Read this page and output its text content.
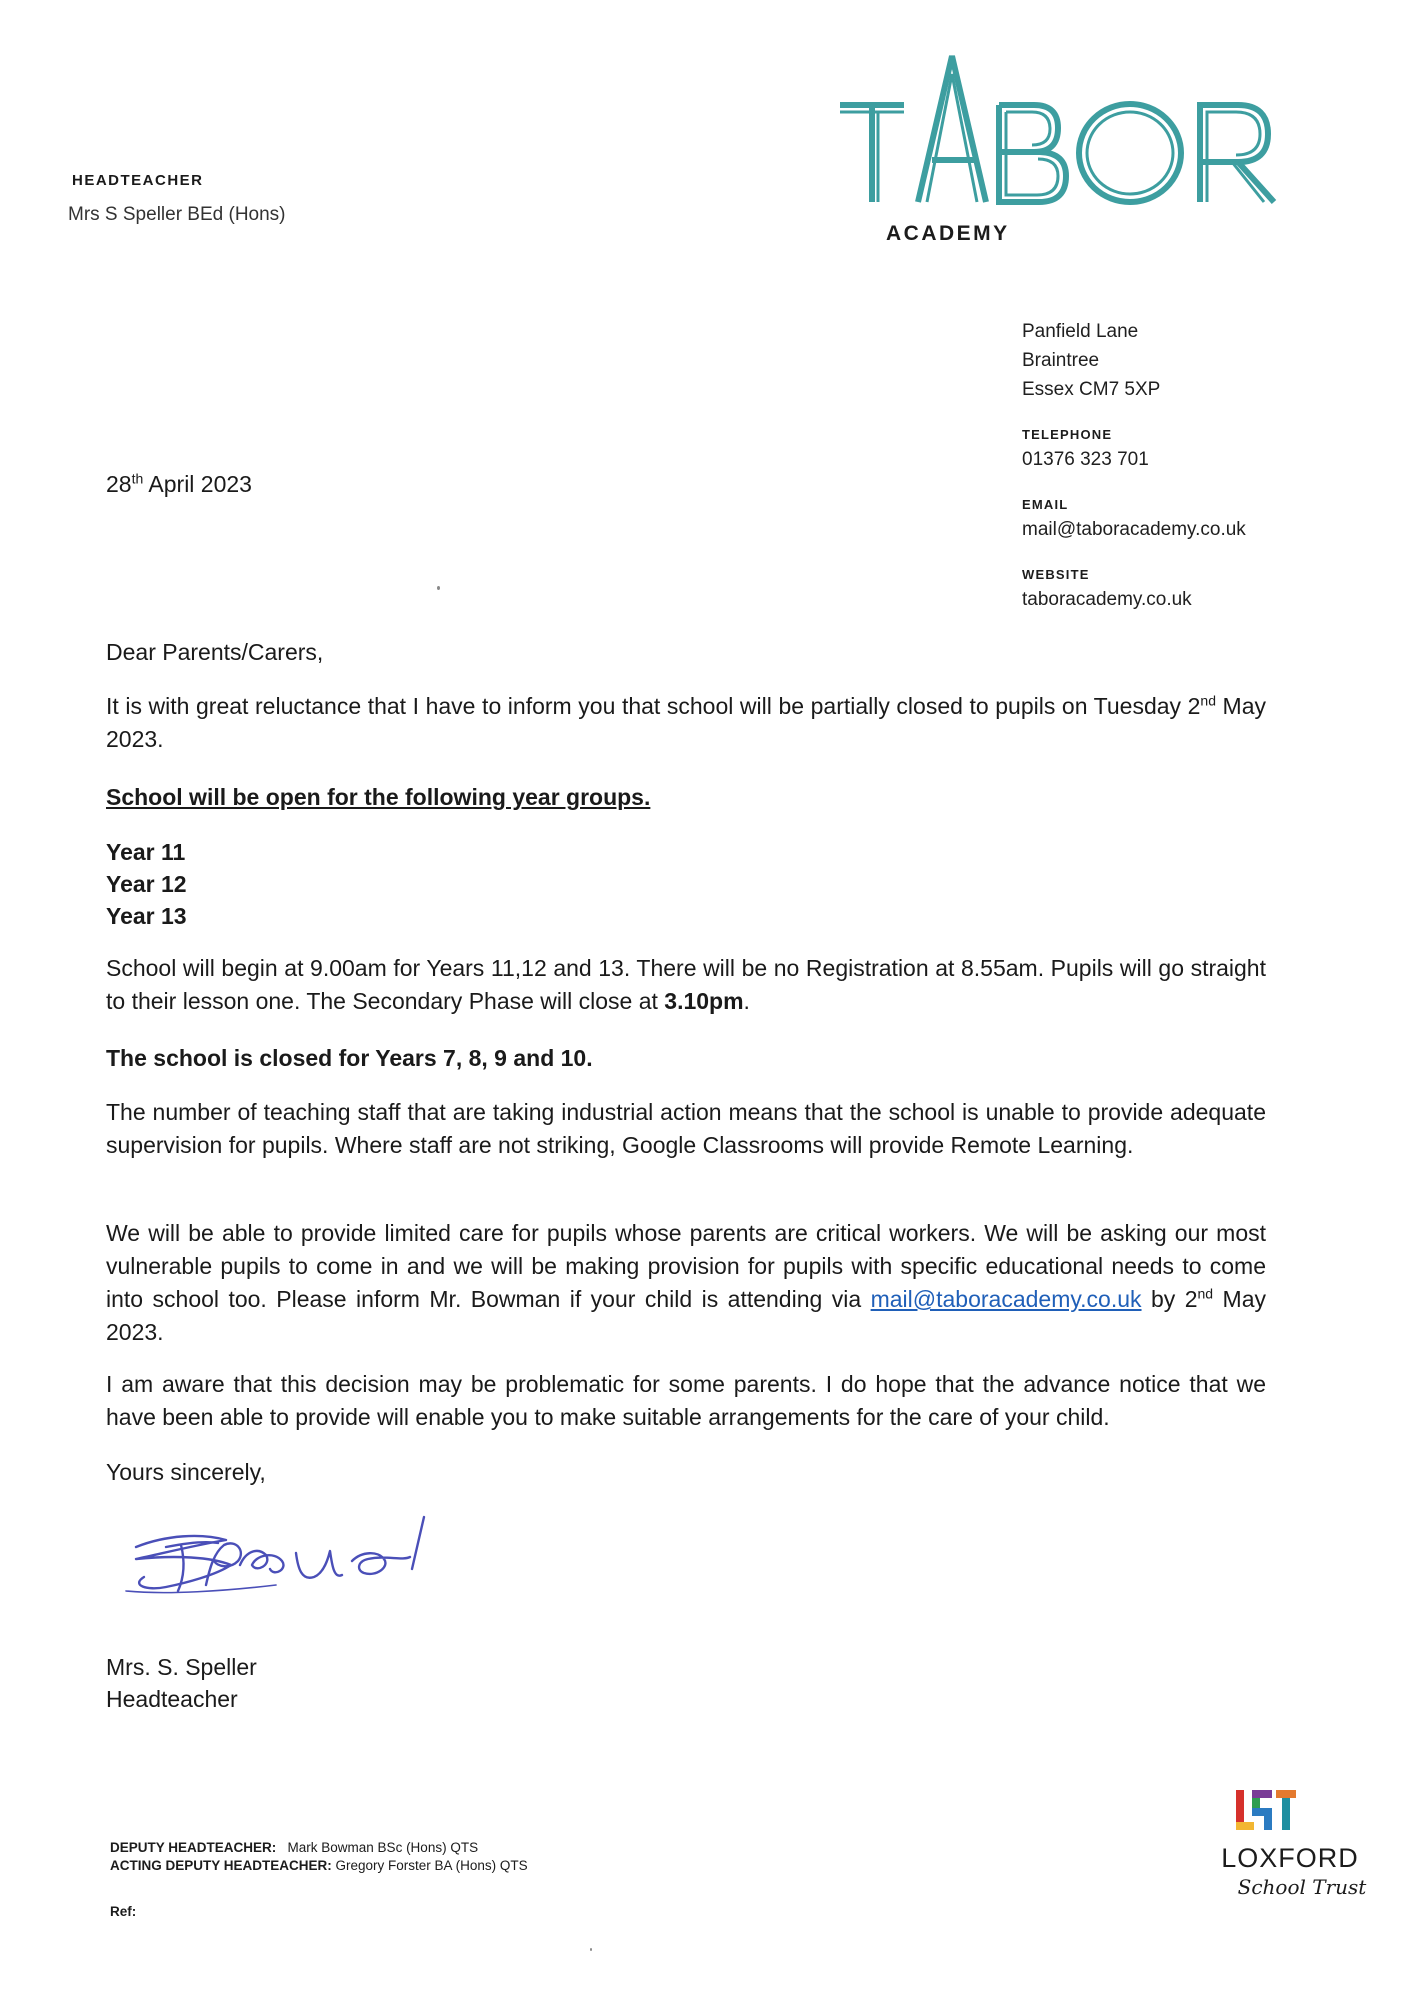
HEADTEACHER
Mrs S Speller BEd (Hons)
ACADEMY
Panfield Lane
Braintree
Essex CM7 5XP
TELEPHONE
01376 323 701
EMAIL
mail@taboracademy.co.uk
WEBSITE
taboracademy.co.uk
28th April 2023
Dear Parents/Carers,
It is with great reluctance that I have to inform you that school will be partially closed to pupils on Tuesday 2nd May 2023.
School will be open for the following year groups.
Year 11
Year 12
Year 13
School will begin at 9.00am for Years 11,12 and 13. There will be no Registration at 8.55am. Pupils will go straight to their lesson one. The Secondary Phase will close at 3.10pm.
The school is closed for Years 7, 8, 9 and 10.
The number of teaching staff that are taking industrial action means that the school is unable to provide adequate supervision for pupils. Where staff are not striking, Google Classrooms will provide Remote Learning.
We will be able to provide limited care for pupils whose parents are critical workers. We will be asking our most vulnerable pupils to come in and we will be making provision for pupils with specific educational needs to come into school too. Please inform Mr. Bowman if your child is attending via mail@taboracademy.co.uk by 2nd May 2023.
I am aware that this decision may be problematic for some parents. I do hope that the advance notice that we have been able to provide will enable you to make suitable arrangements for the care of your child.
Yours sincerely,
Mrs. S. Speller
Headteacher
DEPUTY HEADTEACHER: Mark Bowman BSc (Hons) QTS
ACTING DEPUTY HEADTEACHER: Gregory Forster BA (Hons) QTS
Ref:
LOXFORD
School Trust
